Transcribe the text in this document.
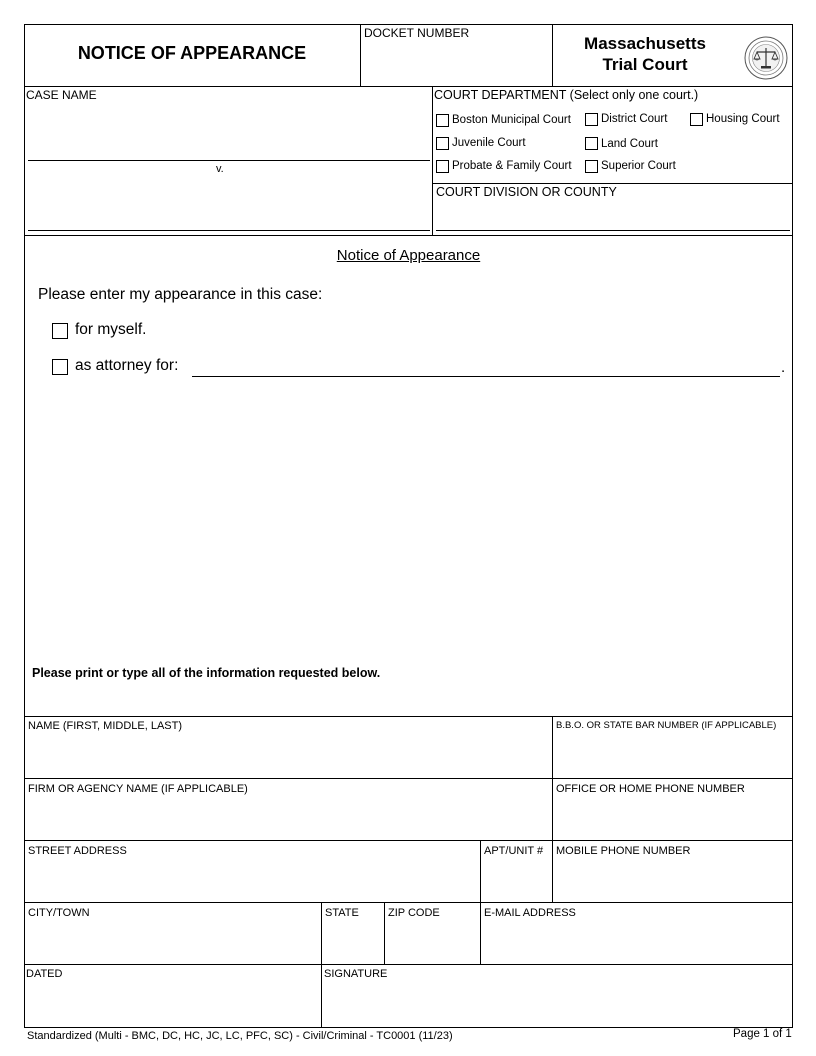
NOTICE OF APPEARANCE
DOCKET NUMBER
Massachusetts
Trial Court
CASE NAME
v.
COURT DEPARTMENT (Select only one court.)
Boston Municipal Court	District Court	Housing Court
Juvenile Court	Land Court
Probate & Family Court	Superior Court
COURT DIVISION OR COUNTY
Notice of Appearance
Please enter my appearance in this case:
for myself.
as attorney for:	.
Please print or type all of the information requested below.
NAME (FIRST, MIDDLE, LAST)	B.B.O. OR STATE BAR NUMBER (IF APPLICABLE)
FIRM OR AGENCY NAME (IF APPLICABLE)	OFFICE OR HOME PHONE NUMBER
STREET ADDRESS	APT/UNIT # MOBILE PHONE NUMBER
CITY/TOWN	STATE	ZIP CODE	E-MAIL ADDRESS
DATED	SIGNATURE
Standardized (Multi - BMC, DC, HC, JC, LC, PFC, SC) - Civil/Criminal - TC0001 (11/23)	Page 1 of 1
